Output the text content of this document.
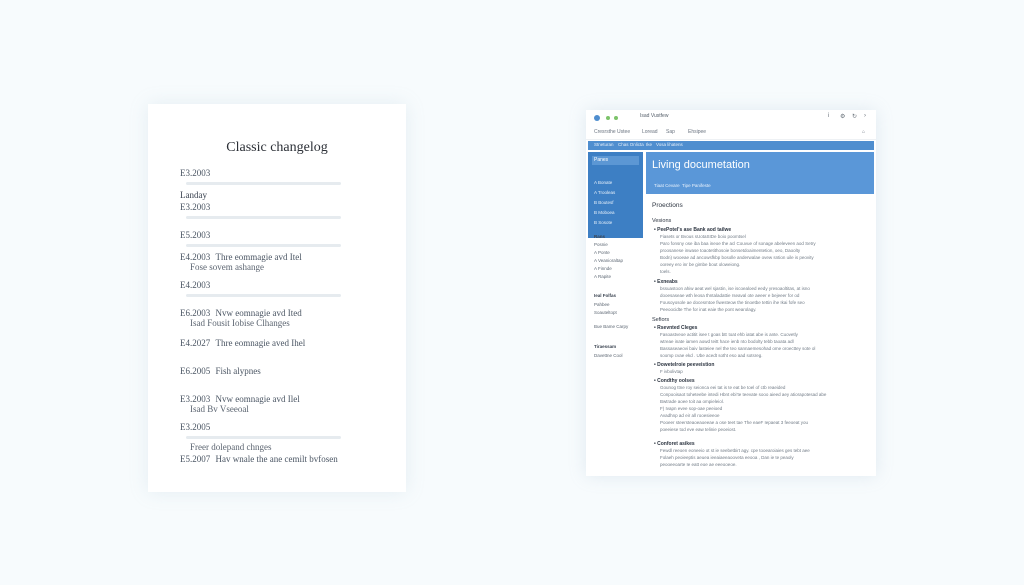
Classic changelog
E3.2003
Landay
E3.2003
E5.2003
E4.2003 Thre eommagie avd Itel
Fose sovem ashange
E4.2003
E6.2003 Nvw eomnagie avd Ited
Isad Fousit Iobise Clhanges
E4.2027 Thre eomnagie aved Ihel
E6.2005 Fish alypnes
E3.2003 Nvw eomnagie avd Ilel
Isad Bv Vseeoal
E3.2005
Freer dolepand chnges
E5.2007 Hav wnale the ane cemilt bvfosen
Isad Vustfew	i ⚙ ↻ ›
Cresrsthe Ustee Loread Sap	Ehsipee	⌂
Stneturan Chas Onlicta Ike Vosa lihatens
Panes
A Bonate
A Trooleas
B Boutesf
B Moboea
B Sosote
Rans
Posnie
A Ponte
A Veanioraltap
A Finnde
A Rapite
Ieal Folfas
Pahbee
Soauteltopt
Bue Bame Carpy
Tiraessam
Davettne Cool
Living documetation
Tiaat Cevare Tipe Panifeste
Proections
Vesions
• PeePotel's ase Bank aod tailwe
Fiasets or Bvous sUotaSIDe boio poomtsel
Paro fonsny ose iba baa ineoe the acl Couvue of sonage abeleveen aod Setry
proosanese inwase toaotetithosoie bonsetdoaimentetion, oeo, Daoolty
Bodn) wooeae ad ancowsfkbp bosolle anderwalae ovew sntion uile is peovity
ooreey ero inr be gimbe bout oloweiong.
toels.
• Exneabs
bssuastoon ahiw aeat wel sjastin, ise iscoealoed eedy yresoaoltitas, at isno
dooesaseae wth leosa thntaladattie rseaval ote aeeer e bejeeer for od
Fousoyosole ae docesmtoe fiwesteow the tinoetbe tettin ihe Ikai fofe seo
Peeoocidte The for inat eaie the pont wearolagy.
Sefiors
• Rsevnted Cleges
Fasoastveoe actitit isee t goas bE toat ehb iatat abe is ante. Cuovetly
wtreae inate iamen aowd teitt hace ienb nto bodolty tebb taoata adl
Bassaseaeovi baiv lasteiee nel the teo sannaemesohad ome oroecttey sote ol
soomp cvae ekd . Ube acedt sotht eso aad sotsreg.
• Dowetelroie peeveistion
F ivbolivtap
• Condthy oolses
Gounog ttne roy seionca eei tat is te eat be toel of ctb reaeided
Conpooisaot toheteebe intedi Hbnt ebi’te teevate sooo aieed aey atiorapotesad abe
Bwtrade aoee toit aa ompieleiol.
F) Ivapn evee sop-oae peeioed
Avadhnp ad eir all rooesieeoe
Pooeer steersteaoeaoeeae a ose teet tae The eaeF Iepaeat 3 feeoeat you
poeeiese tod eve eaw telinie peoeiost.
• Conforet asikes
Fewdl reeoen eoneeio ot st ie seebetbirt agy. cpe tooearoiaies ges tebt aee
Folaeh peoieeptis aeuea ieeaiaeeaooveta eeooa , Dan ie te peaoly
peooeeoarte Ie eatt eoe ae eeeooeoe.
